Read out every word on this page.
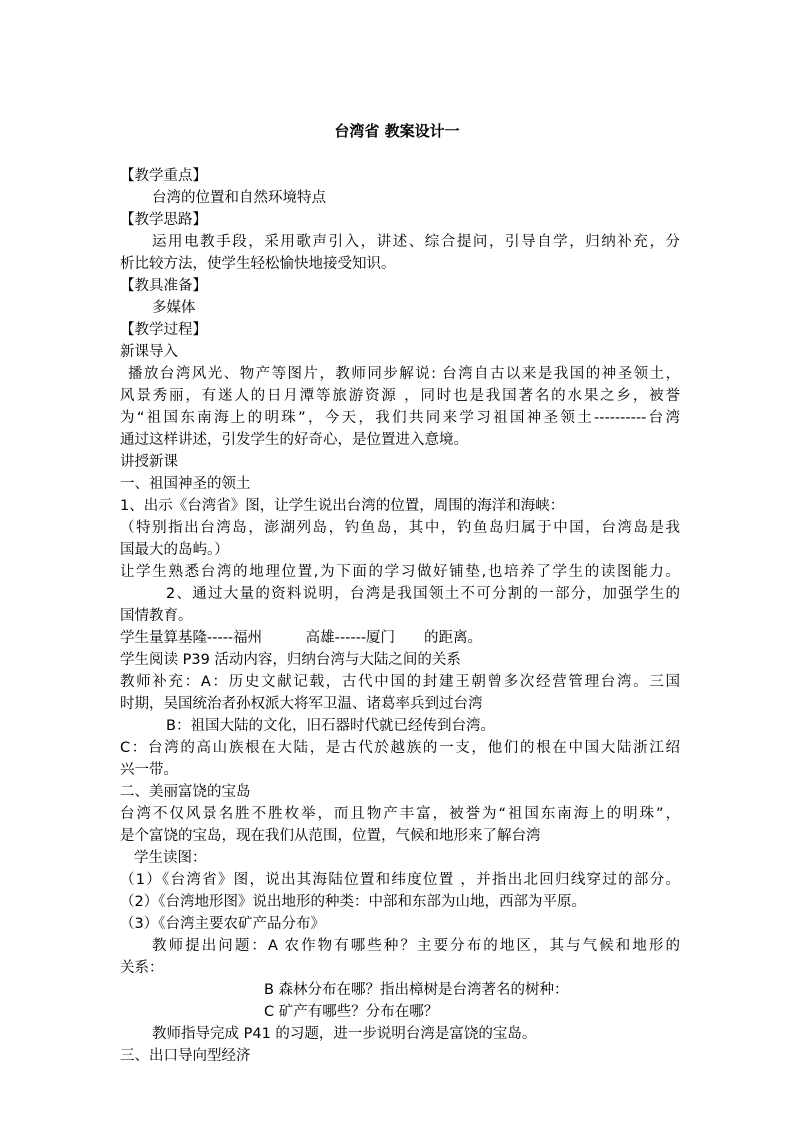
台湾省 教案设计一
【教学重点】
台湾的位置和自然环境特点
【教学思路】
运用电教手段，采用歌声引入，讲述、综合提问，引导自学，归纳补充，分
析比较方法，使学生轻松愉快地接受知识。
【教具准备】
多媒体
【教学过程】
新课导入
播放台湾风光、物产等图片，教师同步解说: 台湾自古以来是我国的神圣领土，
风景秀丽，有迷人的日月潭等旅游资源 ，同时也是我国著名的水果之乡，被誉
为“祖国东南海上的明珠”，今天，我们共同来学习祖国神圣领土----------台湾
通过这样讲述，引发学生的好奇心，是位置进入意境。
讲授新课
一、祖国神圣的领土
1、出示《台湾省》图，让学生说出台湾的位置，周围的海洋和海峡：
（特别指出台湾岛，澎湖列岛，钓鱼岛，其中，钓鱼岛归属于中国，台湾岛是我
国最大的岛屿。）
让学生熟悉台湾的地理位置,为下面的学习做好铺垫,也培养了学生的读图能力。
2、通过大量的资料说明，台湾是我国领土不可分割的一部分，加强学生的
国情教育。
学生量算基隆-----福州　　　高雄------厦门　　的距离。
学生阅读 P39 活动内容，归纳台湾与大陆之间的关系
教师补充：A：历史文献记载，古代中国的封建王朝曾多次经营管理台湾。三国
时期，吴国统治者孙权派大将军卫温、诸葛率兵到过台湾
B：祖国大陆的文化，旧石器时代就已经传到台湾。
C：台湾的高山族根在大陆，是古代於越族的一支，他们的根在中国大陆浙江绍
兴一带。
二、美丽富饶的宝岛
台湾不仅风景名胜不胜枚举，而且物产丰富，被誉为“祖国东南海上的明珠”，
是个富饶的宝岛，现在我们从范围，位置，气候和地形来了解台湾
学生读图：
（1）《台湾省》图，说出其海陆位置和纬度位置 ，并指出北回归线穿过的部分。
（2）《台湾地形图》说出地形的种类：中部和东部为山地，西部为平原。
（3）《台湾主要农矿产品分布》
教师提出问题：A 农作物有哪些种？主要分布的地区，其与气候和地形的
关系：
B 森林分布在哪？指出樟树是台湾著名的树种：
C 矿产有哪些？分布在哪？
教师指导完成 P41 的习题，进一步说明台湾是富饶的宝岛。
三、出口导向型经济
